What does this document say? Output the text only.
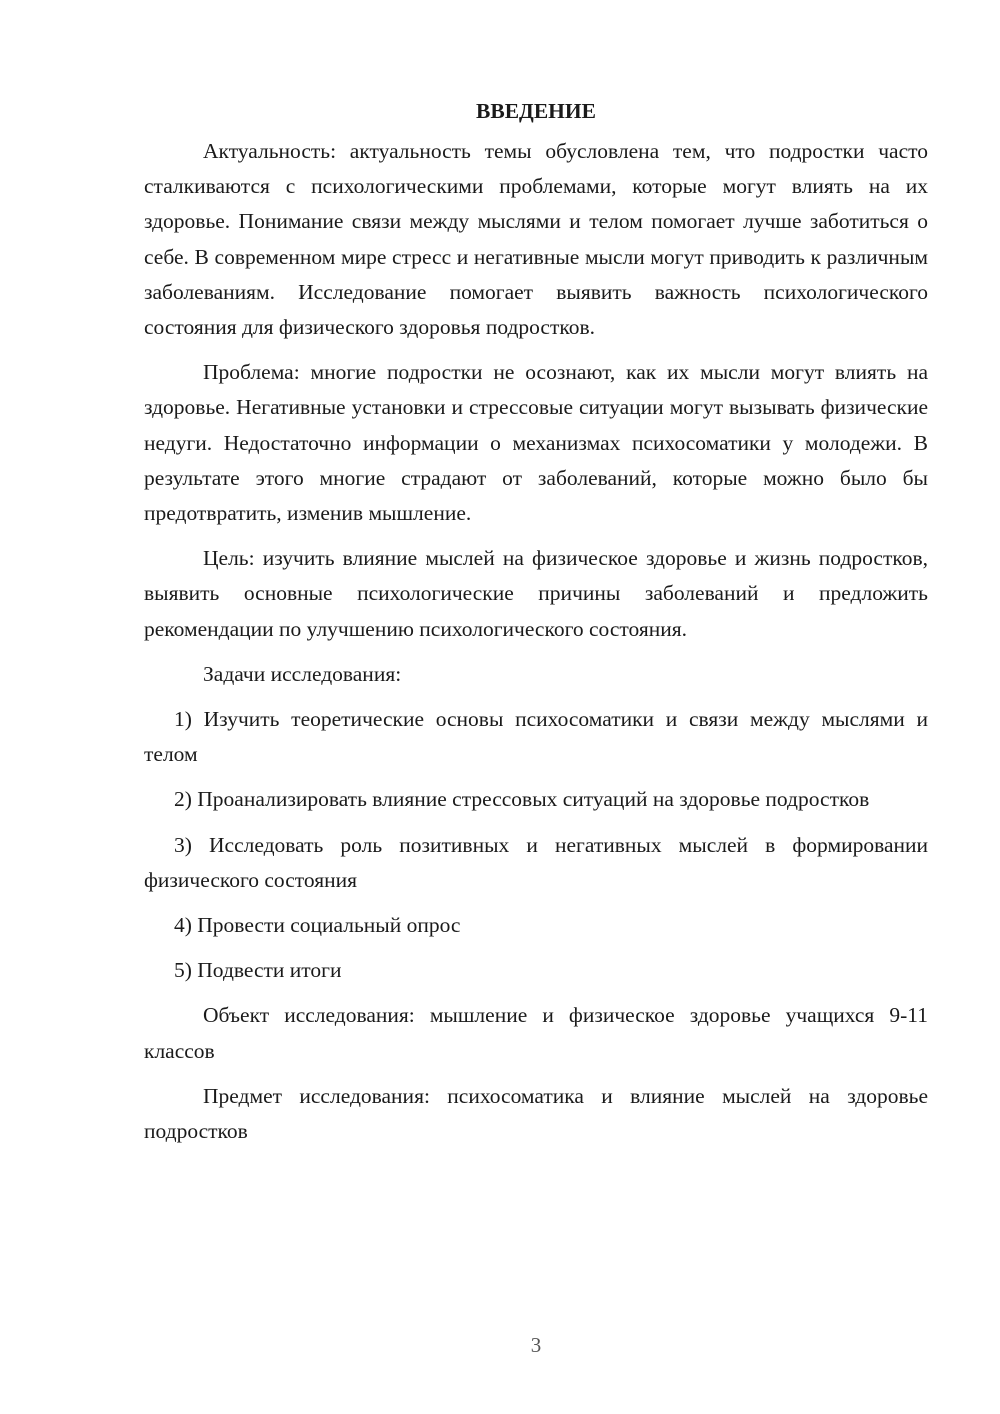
ВВЕДЕНИЕ

Актуальность: актуальность темы обусловлена тем, что подростки часто сталкиваются с психологическими проблемами, которые могут влиять на их здоровье. Понимание связи между мыслями и телом помогает лучше заботиться о себе. В современном мире стресс и негативные мысли могут приводить к различным заболеваниям. Исследование помогает выявить важность психологического состояния для физического здоровья подростков.

Проблема: многие подростки не осознают, как их мысли могут влиять на здоровье. Негативные установки и стрессовые ситуации могут вызывать физические недуги. Недостаточно информации о механизмах психосоматики у молодежи. В результате этого многие страдают от заболеваний, которые можно было бы предотвратить, изменив мышление.

Цель: изучить влияние мыслей на физическое здоровье и жизнь подростков, выявить основные психологические причины заболеваний и предложить рекомендации по улучшению психологического состояния.

Задачи исследования:

1) Изучить теоретические основы психосоматики и связи между мыслями и телом

2) Проанализировать влияние стрессовых ситуаций на здоровье подростков

3) Исследовать роль позитивных и негативных мыслей в формировании физического состояния

4) Провести социальный опрос

5) Подвести итоги

Объект исследования: мышление и физическое здоровье учащихся 9-11 классов

Предмет исследования: психосоматика и влияние мыслей на здоровье подростков

3
